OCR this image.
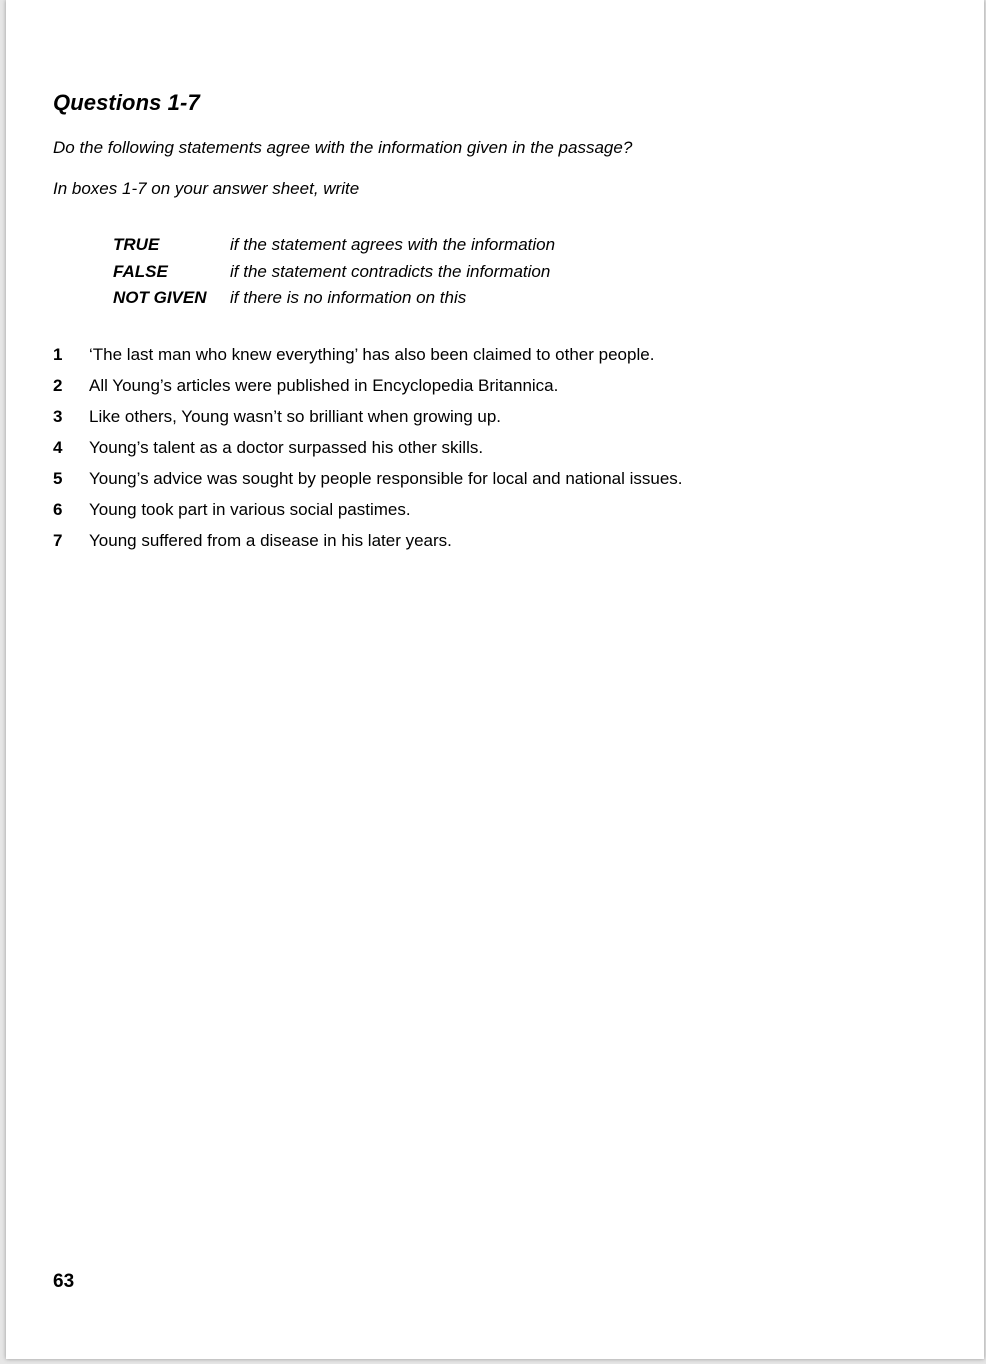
Questions 1-7

Do the following statements agree with the information given in the passage?

In boxes 1-7 on your answer sheet, write

TRUE	if the statement agrees with the information
FALSE	if the statement contradicts the information
NOT GIVEN	if there is no information on this
1 ‘The last man who knew everything’ has also been claimed to other people.
2 All Young’s articles were published in Encyclopedia Britannica.
3 Like others, Young wasn’t so brilliant when growing up.
4 Young’s talent as a doctor surpassed his other skills.
5 Young’s advice was sought by people responsible for local and national issues.
6 Young took part in various social pastimes.
7 Young suffered from a disease in his later years.

63
